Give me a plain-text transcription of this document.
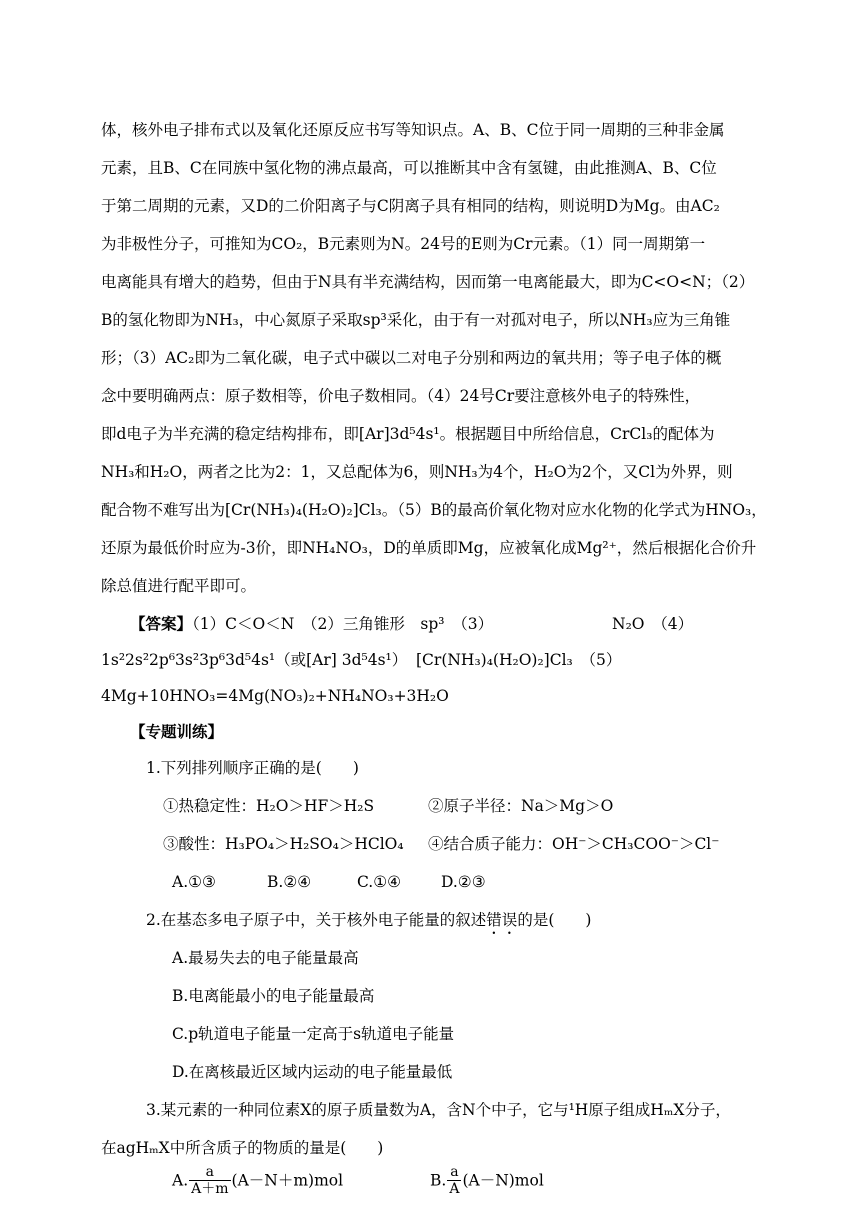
体，核外电子排布式以及氧化还原反应书写等知识点。A、B、C位于同一周期的三种非金属
元素，且B、C在同族中氢化物的沸点最高，可以推断其中含有氢键，由此推测A、B、C位
于第二周期的元素，又D的二价阳离子与C阴离子具有相同的结构，则说明D为Mg。由AC₂
为非极性分子，可推知为CO₂，B元素则为N。24号的E则为Cr元素。（1）同一周期第一
电离能具有增大的趋势，但由于N具有半充满结构，因而第一电离能最大，即为C<O<N；（2）
B的氢化物即为NH₃，中心氮原子采取sp³采化，由于有一对孤对电子，所以NH₃应为三角锥
形；（3）AC₂即为二氧化碳，电子式中碳以二对电子分别和两边的氧共用；等子电子体的概
念中要明确两点：原子数相等，价电子数相同。（4）24号Cr要注意核外电子的特殊性，
即d电子为半充满的稳定结构排布，即[Ar]3d⁵4s¹。根据题目中所给信息，CrCl₃的配体为
NH₃和H₂O，两者之比为2：1，又总配体为6，则NH₃为4个，H₂O为2个，又Cl为外界，则
配合物不难写出为[Cr(NH₃)₄(H₂O)₂]Cl₃。（5）B的最高价氧化物对应水化物的化学式为HNO₃，
还原为最低价时应为-3价，即NH₄NO₃，D的单质即Mg，应被氧化成Mg²⁺，然后根据化合价升
除总值进行配平即可。
【答案】（1）C＜O＜N　（2）三角锥形　sp³　（3）	N₂O　（4）
1s²2s²2p⁶3s²3p⁶3d⁵4s¹（或[Ar] 3d⁵4s¹） [Cr(NH₃)₄(H₂O)₂]Cl₃　（5）
4Mg+10HNO₃=4Mg(NO₃)₂+NH₄NO₃+3H₂O
【专题训练】
1.下列排列顺序正确的是(　　)
①热稳定性：H₂O＞HF＞H₂S	②原子半径：Na＞Mg＞O
③酸性：H₃PO₄＞H₂SO₄＞HClO₄ ④结合质子能力：OH⁻＞CH₃COO⁻＞Cl⁻
A.①③	B.②④	C.①④	D.②③
2.在基态多电子原子中，关于核外电子能量的叙述错误的是(　　)
A.最易失去的电子能量最高
B.电离能最小的电子能量最高
C.p轨道电子能量一定高于s轨道电子能量
D.在离核最近区域内运动的电子能量最低
3.某元素的一种同位素X的原子质量数为A，含N个中子，它与¹H原子组成HₘX分子，
在agHₘX中所含质子的物质的量是(　　)
A. $\frac{a}{A+m} (A-N+m)mol$	B. $\frac{a}{A} (A-N)mol$
